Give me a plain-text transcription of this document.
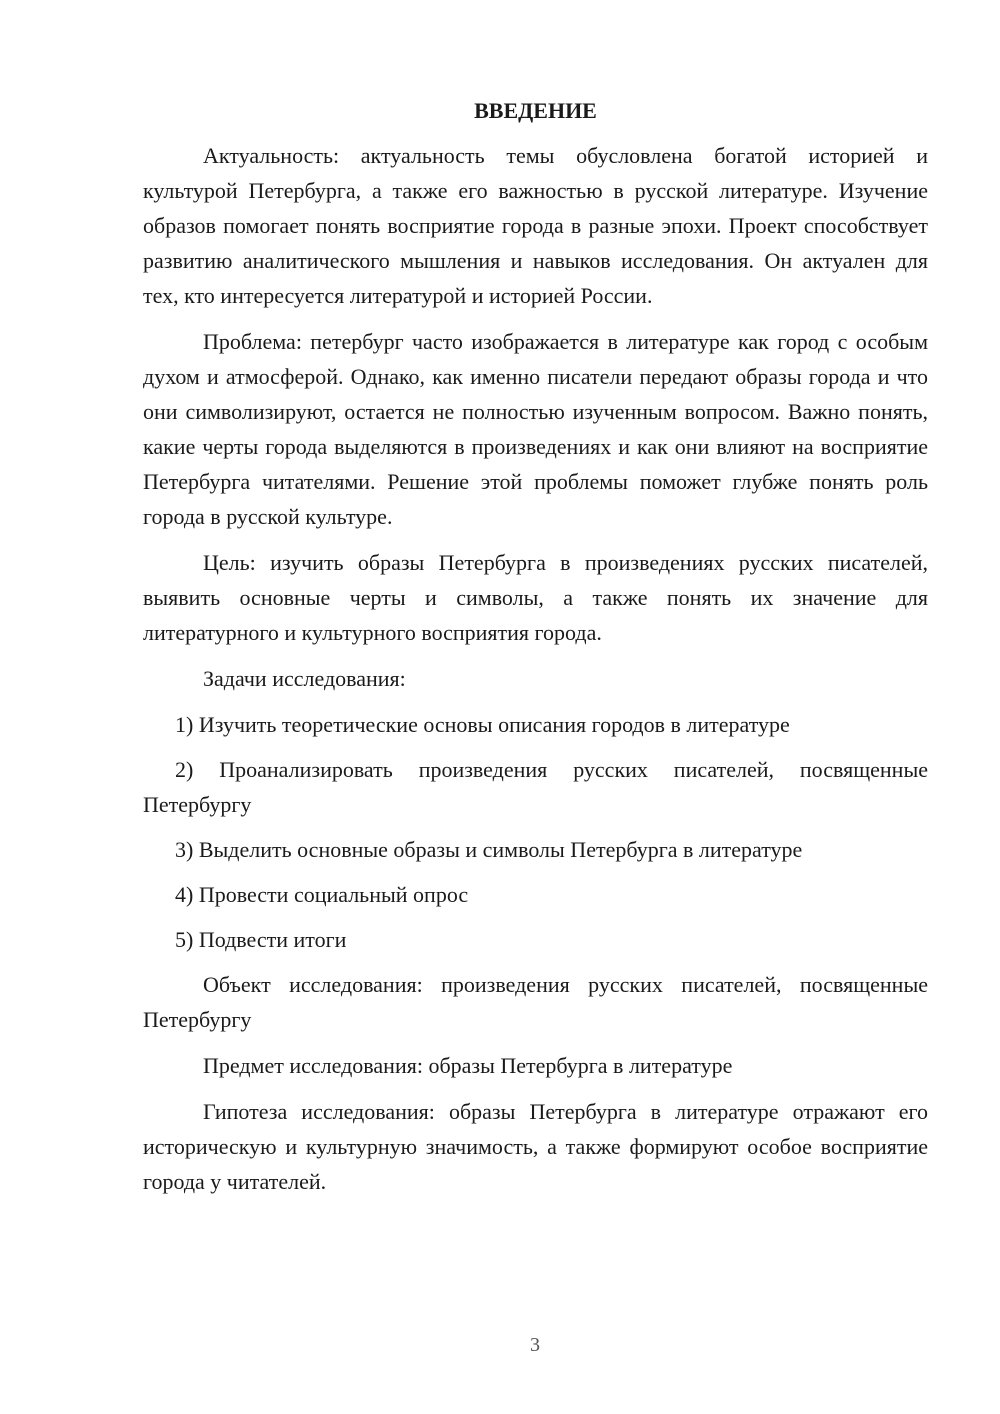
ВВЕДЕНИЕ

Актуальность: актуальность темы обусловлена богатой историей и культурой Петербурга, а также его важностью в русской литературе. Изучение образов помогает понять восприятие города в разные эпохи. Проект способствует развитию аналитического мышления и навыков исследования. Он актуален для тех, кто интересуется литературой и историей России.

Проблема: петербург часто изображается в литературе как город с особым духом и атмосферой. Однако, как именно писатели передают образы города и что они символизируют, остается не полностью изученным вопросом. Важно понять, какие черты города выделяются в произведениях и как они влияют на восприятие Петербурга читателями. Решение этой проблемы поможет глубже понять роль города в русской культуре.

Цель: изучить образы Петербурга в произведениях русских писателей, выявить основные черты и символы, а также понять их значение для литературного и культурного восприятия города.

Задачи исследования:

1) Изучить теоретические основы описания городов в литературе

2) Проанализировать произведения русских писателей, посвященные Петербургу

3) Выделить основные образы и символы Петербурга в литературе

4) Провести социальный опрос

5) Подвести итоги

Объект исследования: произведения русских писателей, посвященные Петербургу

Предмет исследования: образы Петербурга в литературе

Гипотеза исследования: образы Петербурга в литературе отражают его историческую и культурную значимость, а также формируют особое восприятие города у читателей.

3
